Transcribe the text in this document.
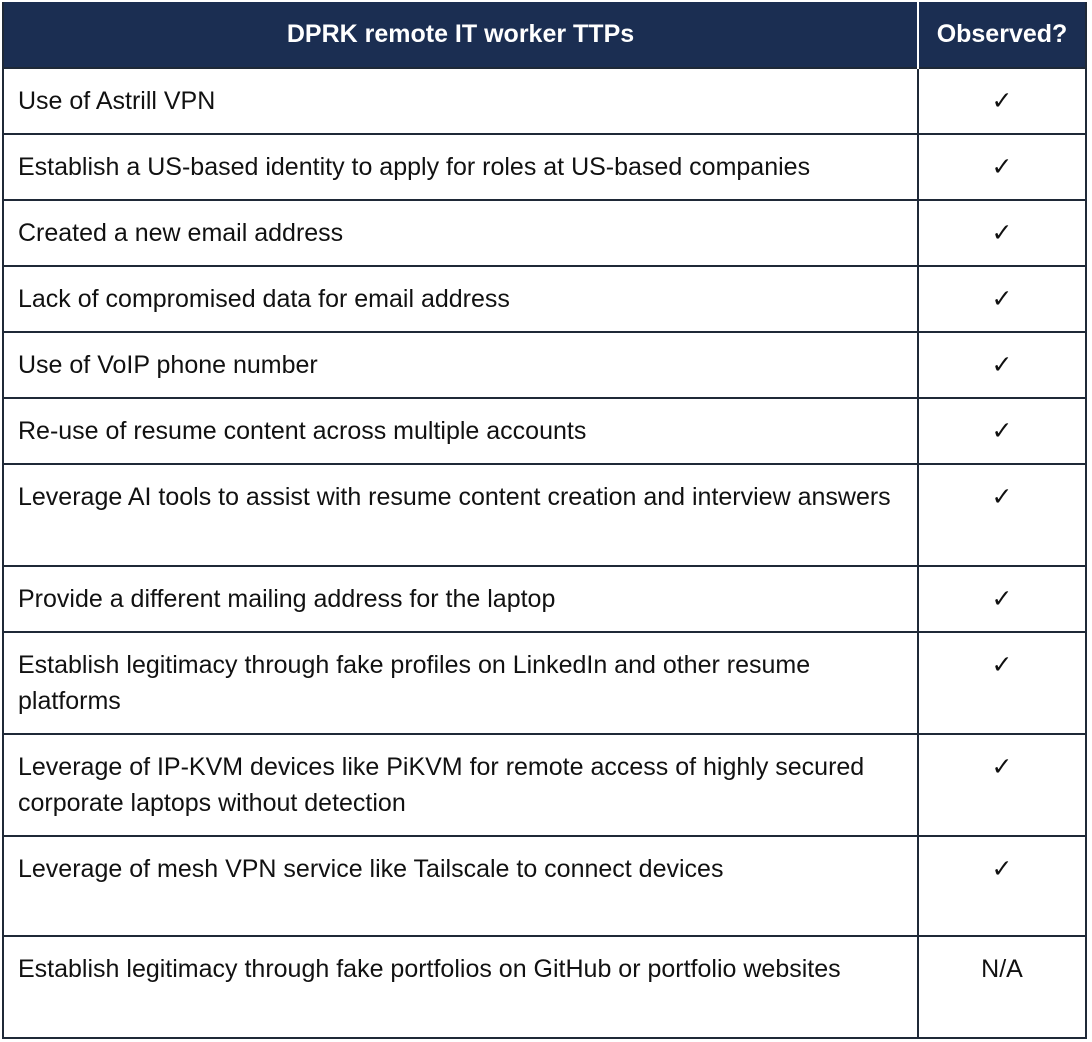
DPRK remote IT worker TTPs	Observed?
Use of Astrill VPN	✓
Establish a US-based identity to apply for roles at US-based companies	✓
Created a new email address	✓
Lack of compromised data for email address	✓
Use of VoIP phone number	✓
Re-use of resume content across multiple accounts	✓
Leverage AI tools to assist with resume content creation and interview answers	✓
Provide a different mailing address for the laptop	✓
Establish legitimacy through fake profiles on LinkedIn and other resume platforms	✓
Leverage of IP-KVM devices like PiKVM for remote access of highly secured corporate laptops without detection	✓
Leverage of mesh VPN service like Tailscale to connect devices	✓
Establish legitimacy through fake portfolios on GitHub or portfolio websites	N/A
